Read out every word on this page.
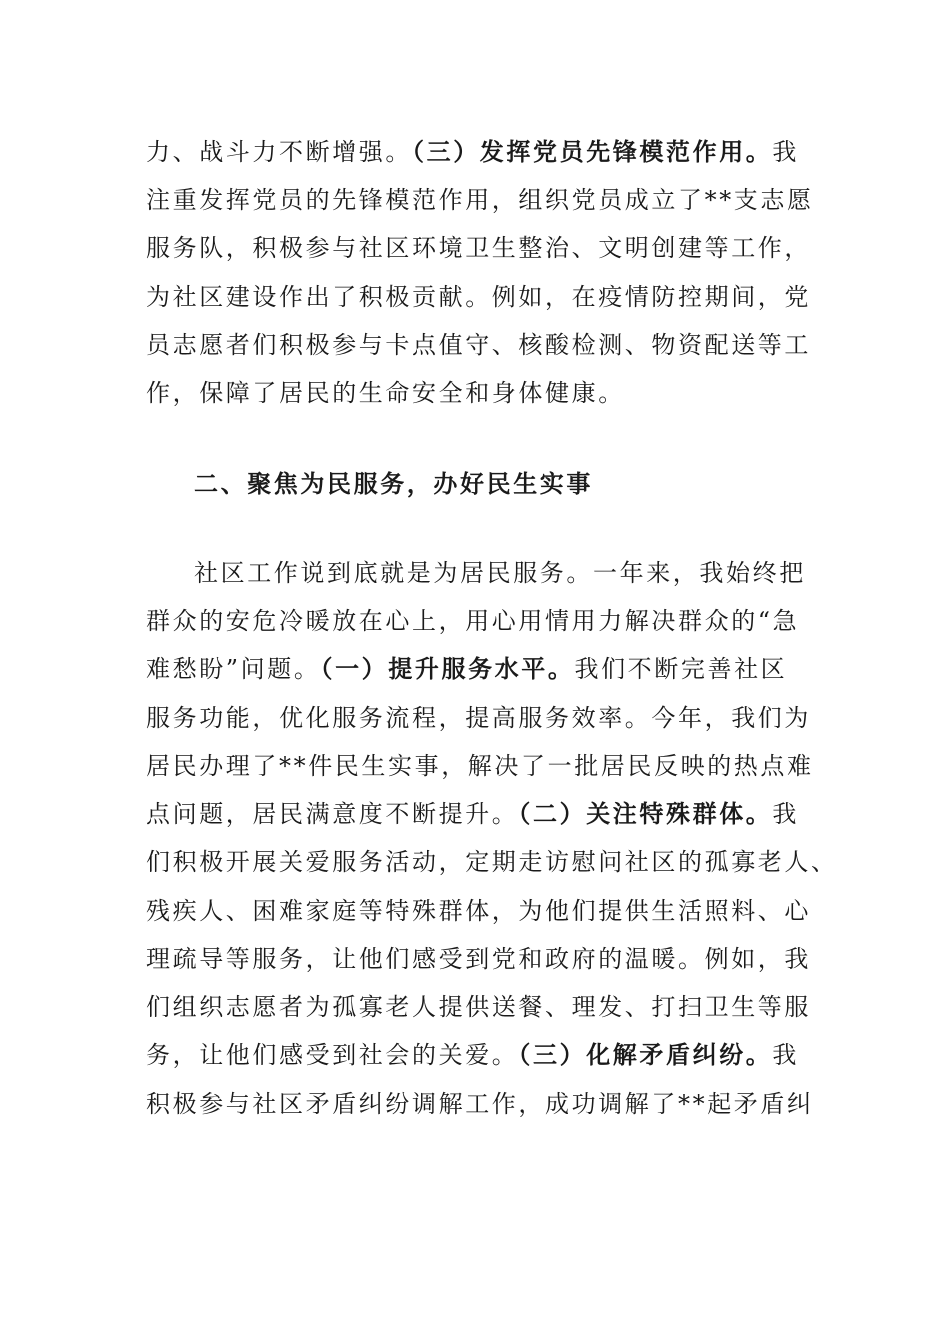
力、战斗力不断增强。（三）发挥党员先锋模范作用。我
注重发挥党员的先锋模范作用，组织党员成立了**支志愿
服务队，积极参与社区环境卫生整治、文明创建等工作，
为社区建设作出了积极贡献。例如，在疫情防控期间，党
员志愿者们积极参与卡点值守、核酸检测、物资配送等工
作，保障了居民的生命安全和身体健康。
二、聚焦为民服务，办好民生实事
社区工作说到底就是为居民服务。一年来，我始终把
群众的安危冷暖放在心上，用心用情用力解决群众的“急
难愁盼”问题。（一）提升服务水平。我们不断完善社区
服务功能，优化服务流程，提高服务效率。今年，我们为
居民办理了**件民生实事，解决了一批居民反映的热点难
点问题，居民满意度不断提升。（二）关注特殊群体。我
们积极开展关爱服务活动，定期走访慰问社区的孤寡老人、
残疾人、困难家庭等特殊群体，为他们提供生活照料、心
理疏导等服务，让他们感受到党和政府的温暖。例如，我
们组织志愿者为孤寡老人提供送餐、理发、打扫卫生等服
务，让他们感受到社会的关爱。（三）化解矛盾纠纷。我
积极参与社区矛盾纠纷调解工作，成功调解了**起矛盾纠
